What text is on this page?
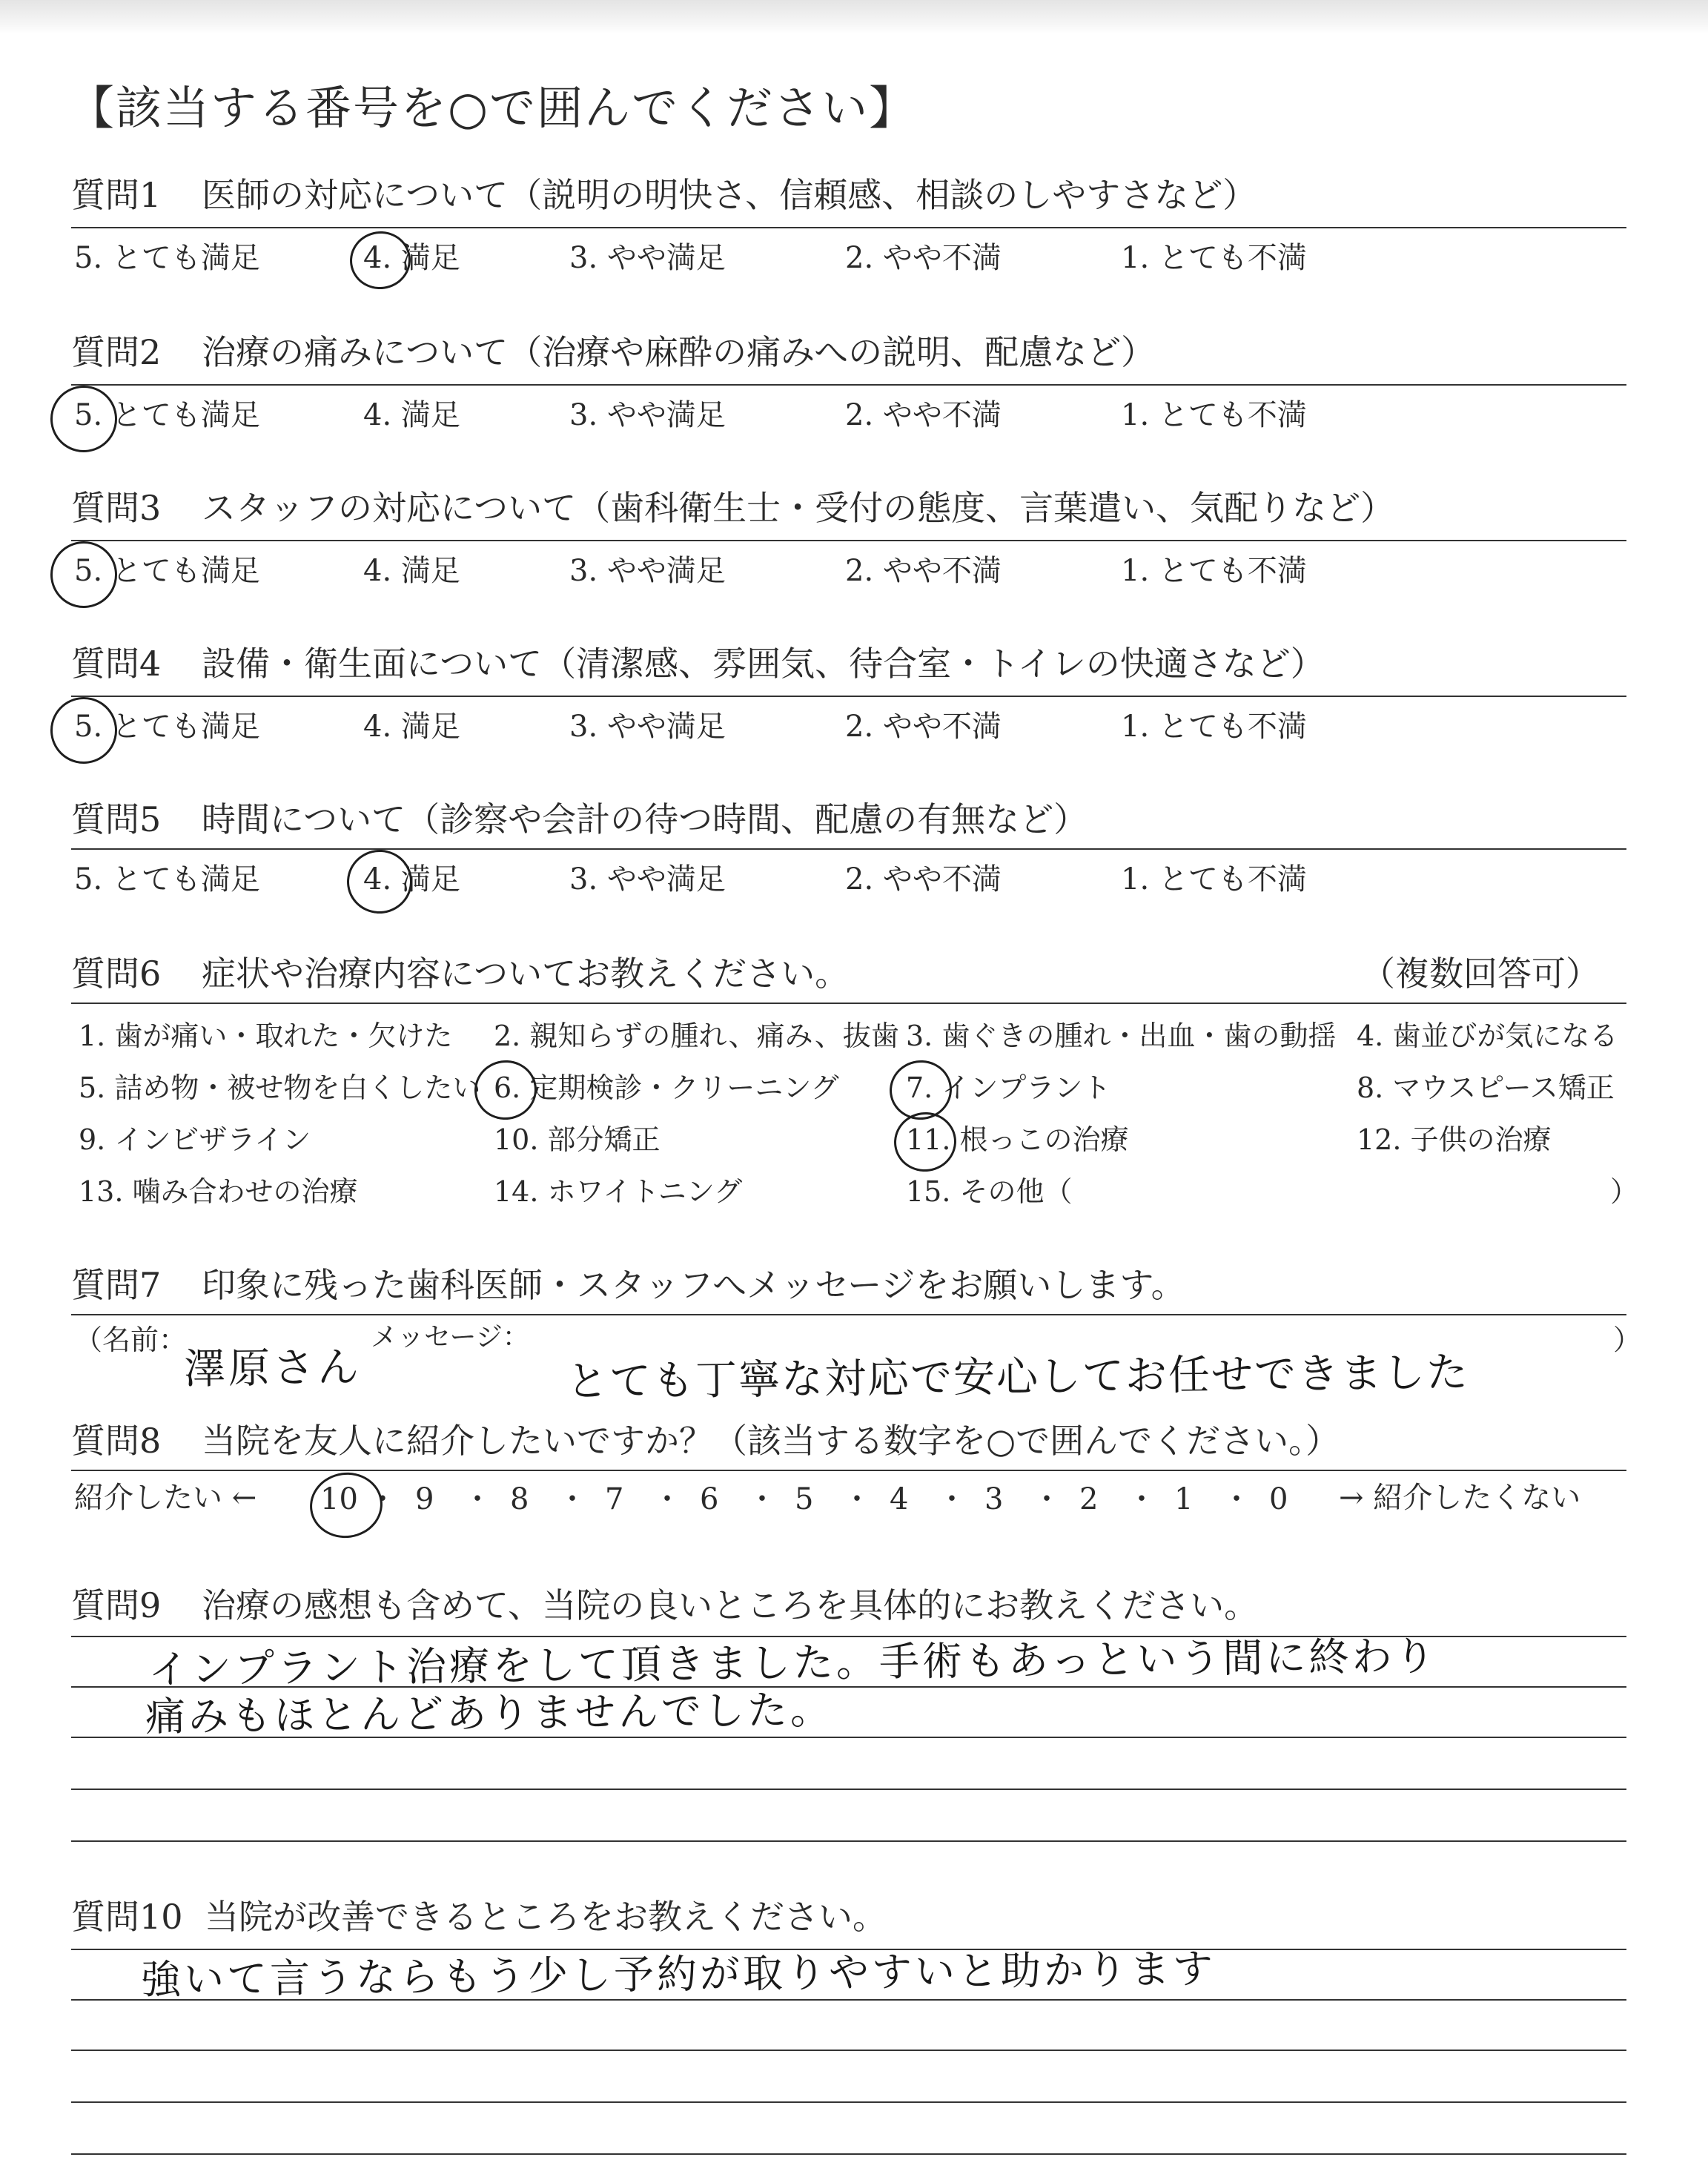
【該当する番号を○で囲んでください】
質問1 医師の対応について（説明の明快さ、信頼感、相談のしやすさなど）
5. とても満足	4. 満足	3. やや満足	2. やや不満	1. とても不満
質問2 治療の痛みについて（治療や麻酔の痛みへの説明、配慮など）
5. とても満足	4. 満足	3. やや満足	2. やや不満	1. とても不満
質問3 スタッフの対応について（歯科衛生士・受付の態度、言葉遣い、気配りなど）
5. とても満足	4. 満足	3. やや満足	2. やや不満	1. とても不満
質問4 設備・衛生面について（清潔感、雰囲気、待合室・トイレの快適さなど）
5. とても満足	4. 満足	3. やや満足	2. やや不満	1. とても不満
質問5 時間について（診察や会計の待つ時間、配慮の有無など）
5. とても満足	4. 満足	3. やや満足	2. やや不満	1. とても不満
質問6 症状や治療内容についてお教えください。	（複数回答可）
1. 歯が痛い・取れた・欠けた 2. 親知らずの腫れ、痛み、抜歯 3. 歯ぐきの腫れ・出血・歯の動揺 4. 歯並びが気になる
5. 詰め物・被せ物を白くしたい 6. 定期検診・クリーニング 7. インプラント	8. マウスピース矯正
9. インビザライン	10. 部分矯正	11. 根っこの治療	12. 子供の治療
13. 噛み合わせの治療	14. ホワイトニング	15. その他（	）
質問7 印象に残った歯科医師・スタッフへメッセージをお願いします。
（名前：	メッセージ：	）
澤原さん	とても丁寧な対応で安心してお任せできました
質問8 当院を友人に紹介したいですか？（該当する数字を○で囲んでください。）
紹介したい ←	→ 紹介したくない
10 ・ 9 ・ 8 ・ 7 ・ 6 ・ 5 ・ 4 ・ 3 ・ 2 ・ 1 ・ 0
質問9 治療の感想も含めて、当院の良いところを具体的にお教えください。
インプラント治療をして頂きました。手術もあっという間に終わり
痛みもほとんどありませんでした。
質問10 当院が改善できるところをお教えください。
強いて言うならもう少し予約が取りやすいと助かります
